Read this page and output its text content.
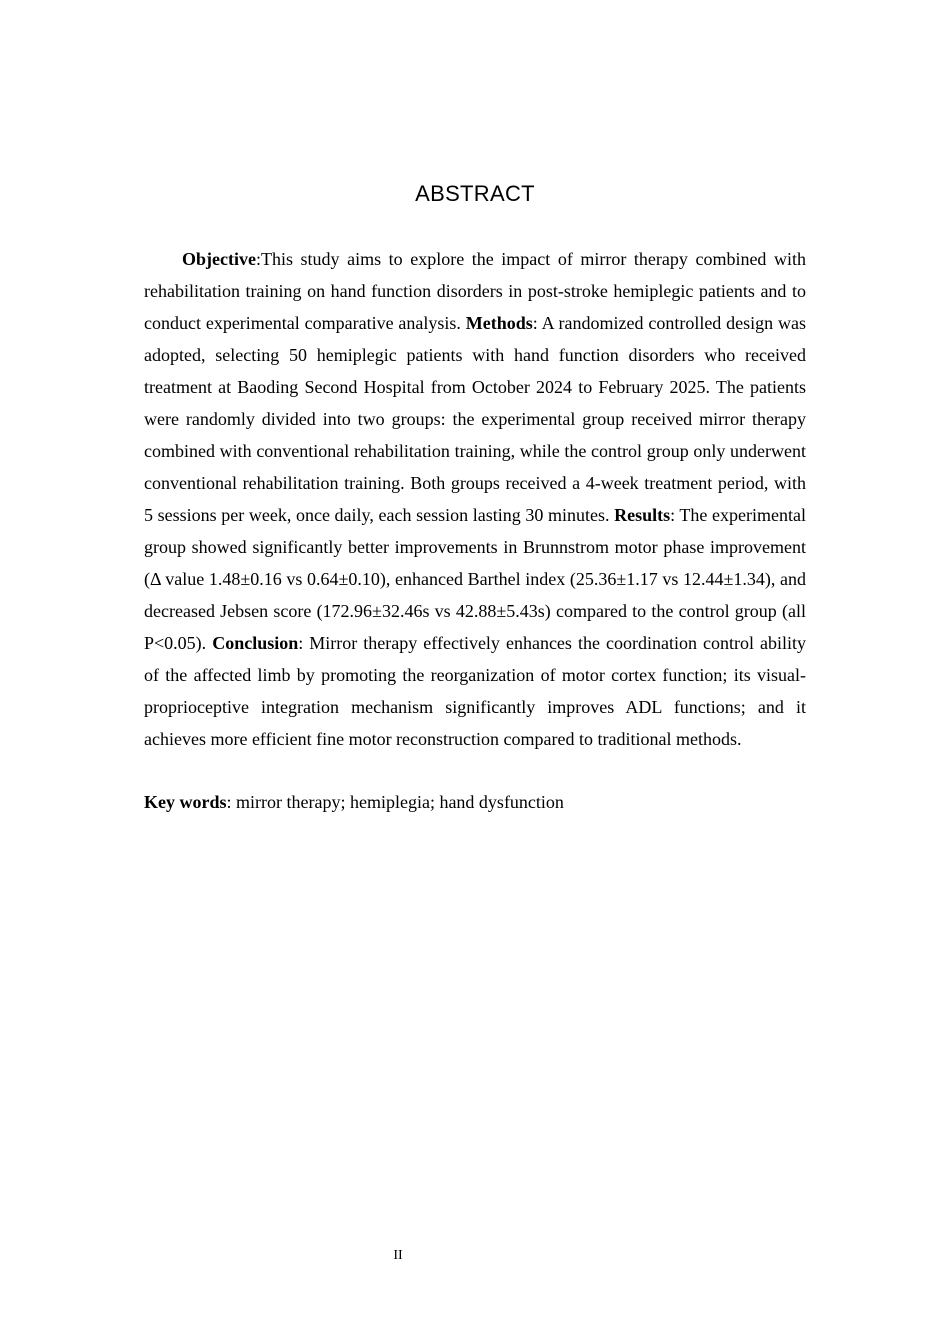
ABSTRACT

Objective:This study aims to explore the impact of mirror therapy combined with rehabilitation training on hand function disorders in post-stroke hemiplegic patients and to conduct experimental comparative analysis. Methods: A randomized controlled design was adopted, selecting 50 hemiplegic patients with hand function disorders who received treatment at Baoding Second Hospital from October 2024 to February 2025. The patients were randomly divided into two groups: the experimental group received mirror therapy combined with conventional rehabilitation training, while the control group only underwent conventional rehabilitation training. Both groups received a 4-week treatment period, with 5 sessions per week, once daily, each session lasting 30 minutes. Results: The experimental group showed significantly better improvements in Brunnstrom motor phase improvement (Δ value 1.48±0.16 vs 0.64±0.10), enhanced Barthel index (25.36±1.17 vs 12.44±1.34), and decreased Jebsen score (172.96±32.46s vs 42.88±5.43s) compared to the control group (all P<0.05). Conclusion: Mirror therapy effectively enhances the coordination control ability of the affected limb by promoting the reorganization of motor cortex function; its visual-proprioceptive integration mechanism significantly improves ADL functions; and it achieves more efficient fine motor reconstruction compared to traditional methods.

Key words: mirror therapy; hemiplegia; hand dysfunction

II
